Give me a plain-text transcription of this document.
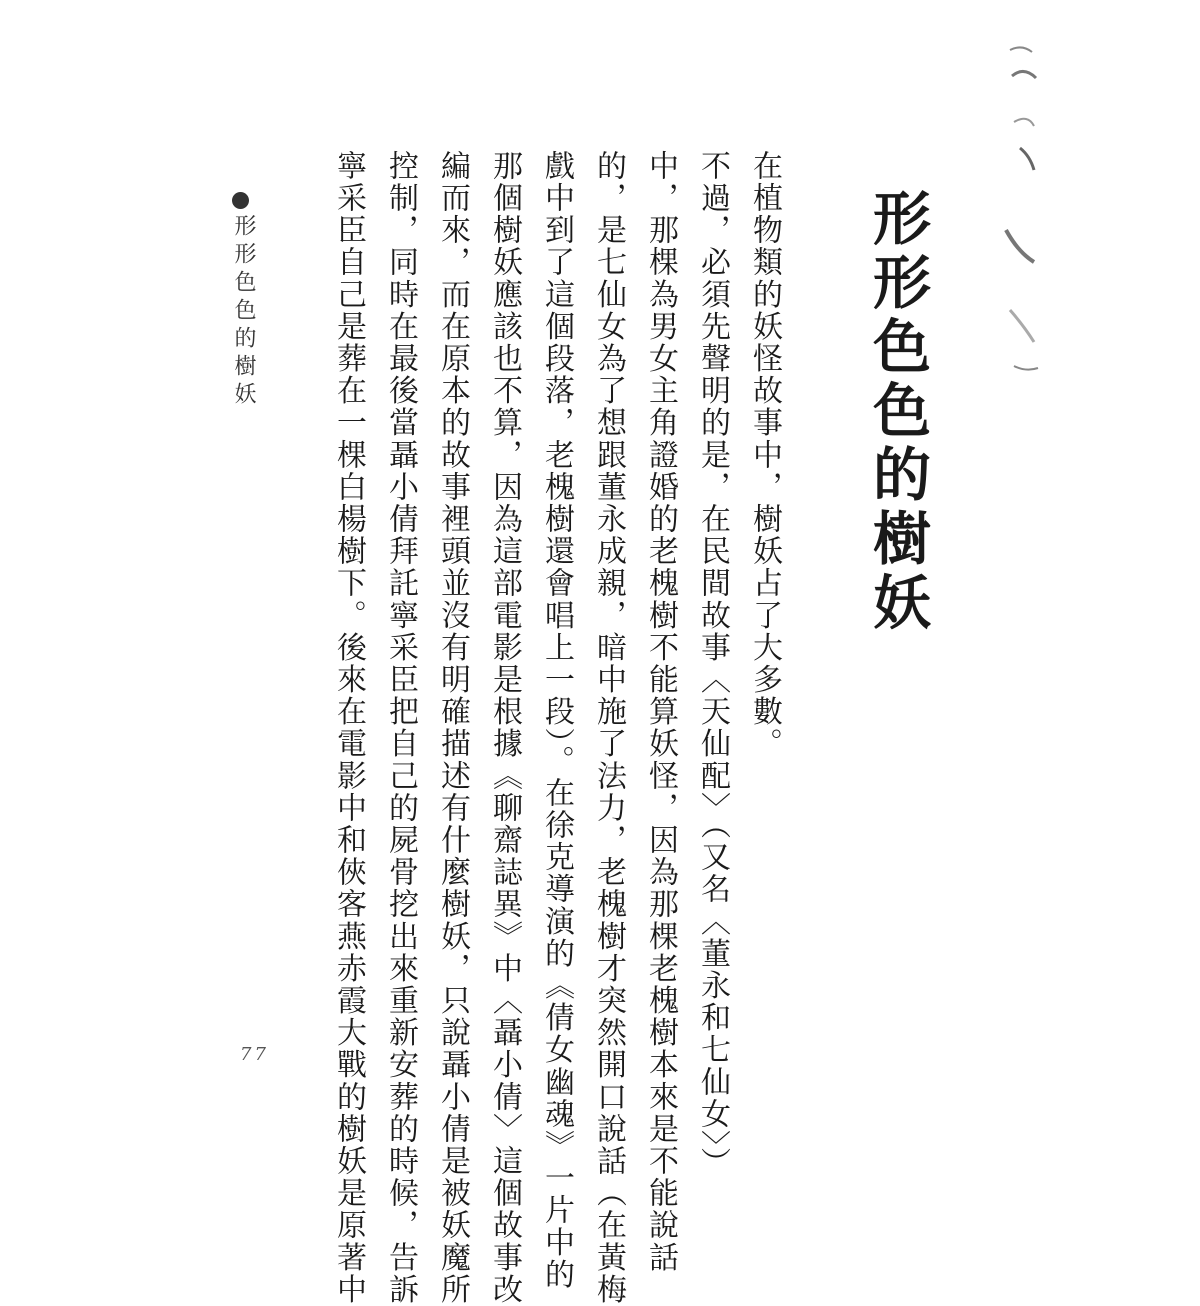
形形色色的樹妖
在植物類的妖怪故事中，樹妖占了大多數。
不過，必須先聲明的是，在民間故事〈天仙配〉（又名〈董永和七仙女〉）
中，那棵為男女主角證婚的老槐樹不能算妖怪，因為那棵老槐樹本來是不能說話
的，是七仙女為了想跟董永成親，暗中施了法力，老槐樹才突然開口說話（在黃梅
戲中到了這個段落，老槐樹還會唱上一段）。在徐克導演的《倩女幽魂》一片中的
那個樹妖應該也不算，因為這部電影是根據《聊齋誌異》中〈聶小倩〉這個故事改
編而來，而在原本的故事裡頭並沒有明確描述有什麼樹妖，只說聶小倩是被妖魔所
控制，同時在最後當聶小倩拜託寧采臣把自己的屍骨挖出來重新安葬的時候，告訴
寧采臣自己是葬在一棵白楊樹下。後來在電影中和俠客燕赤霞大戰的樹妖是原著中
形形色色的樹妖
77
